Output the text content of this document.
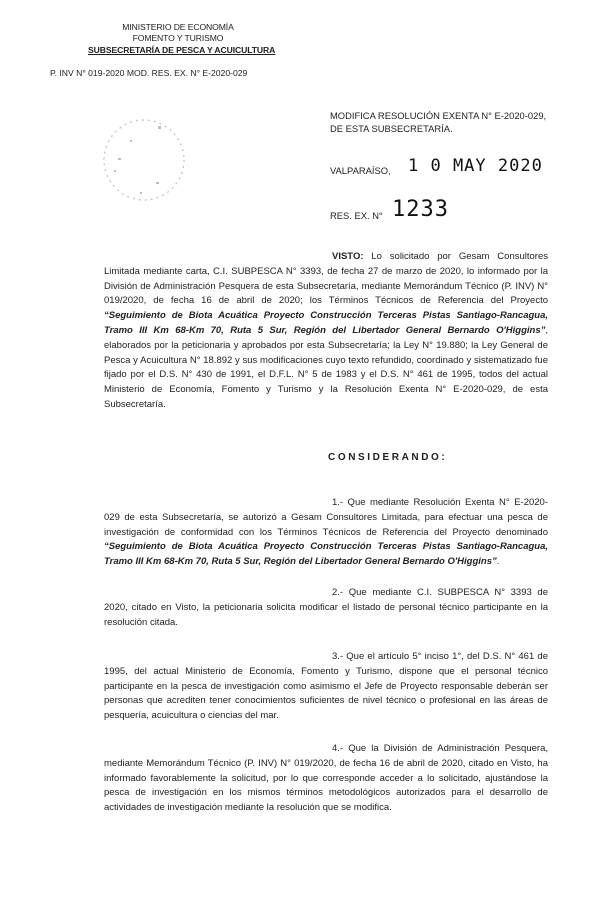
MINISTERIO DE ECONOMÍA
FOMENTO Y TURISMO
SUBSECRETARÍA DE PESCA Y ACUICULTURA
P. INV N° 019-2020 MOD. RES. EX. N° E-2020-029
MODIFICA RESOLUCIÓN EXENTA N° E-2020-029,
DE ESTA SUBSECRETARÍA.
VALPARAÍSO, 1 0 MAY 2020
RES. EX. N° 1233
VISTO: Lo solicitado por Gesam Consultores Limitada mediante carta, C.I. SUBPESCA N° 3393, de fecha 27 de marzo de 2020, lo informado por la División de Administración Pesquera de esta Subsecretaría, mediante Memorándum Técnico (P. INV) N° 019/2020, de fecha 16 de abril de 2020; los Términos Técnicos de Referencia del Proyecto “Seguimiento de Biota Acuática Proyecto Construcción Terceras Pistas Santiago-Rancagua, Tramo III Km 68-Km 70, Ruta 5 Sur, Región del Libertador General Bernardo O'Higgins”, elaborados por la peticionaria y aprobados por esta Subsecretaría; la Ley N° 19.880; la Ley General de Pesca y Acuicultura N° 18.892 y sus modificaciones cuyo texto refundido, coordinado y sistematizado fue fijado por el D.S. N° 430 de 1991, el D.F.L. N° 5 de 1983 y el D.S. N° 461 de 1995, todos del actual Ministerio de Economía, Fomento y Turismo y la Resolución Exenta N° E-2020-029, de esta Subsecretaría.
CONSIDERANDO:
1.- Que mediante Resolución Exenta N° E-2020-029 de esta Subsecretaría, se autorizó a Gesam Consultores Limitada, para efectuar una pesca de investigación de conformidad con los Términos Técnicos de Referencia del Proyecto denominado “Seguimiento de Biota Acuática Proyecto Construcción Terceras Pistas Santiago-Rancagua, Tramo III Km 68-Km 70, Ruta 5 Sur, Región del Libertador General Bernardo O'Higgins”.
2.- Que mediante C.I. SUBPESCA N° 3393 de 2020, citado en Visto, la peticionaria solicita modificar el listado de personal técnico participante en la resolución citada.
3.- Que el artículo 5° inciso 1°, del D.S. N° 461 de 1995, del actual Ministerio de Economía, Fomento y Turismo, dispone que el personal técnico participante en la pesca de investigación como asimismo el Jefe de Proyecto responsable deberán ser personas que acrediten tener conocimientos suficientes de nivel técnico o profesional en las áreas de pesquería, acuicultura o ciencias del mar.
4.- Que la División de Administración Pesquera, mediante Memorándum Técnico (P. INV) N° 019/2020, de fecha 16 de abril de 2020, citado en Visto, ha informado favorablemente la solicitud, por lo que corresponde acceder a lo solicitado, ajustándose la pesca de investigación en los mismos términos metodológicos autorizados para el desarrollo de actividades de investigación mediante la resolución que se modifica.
